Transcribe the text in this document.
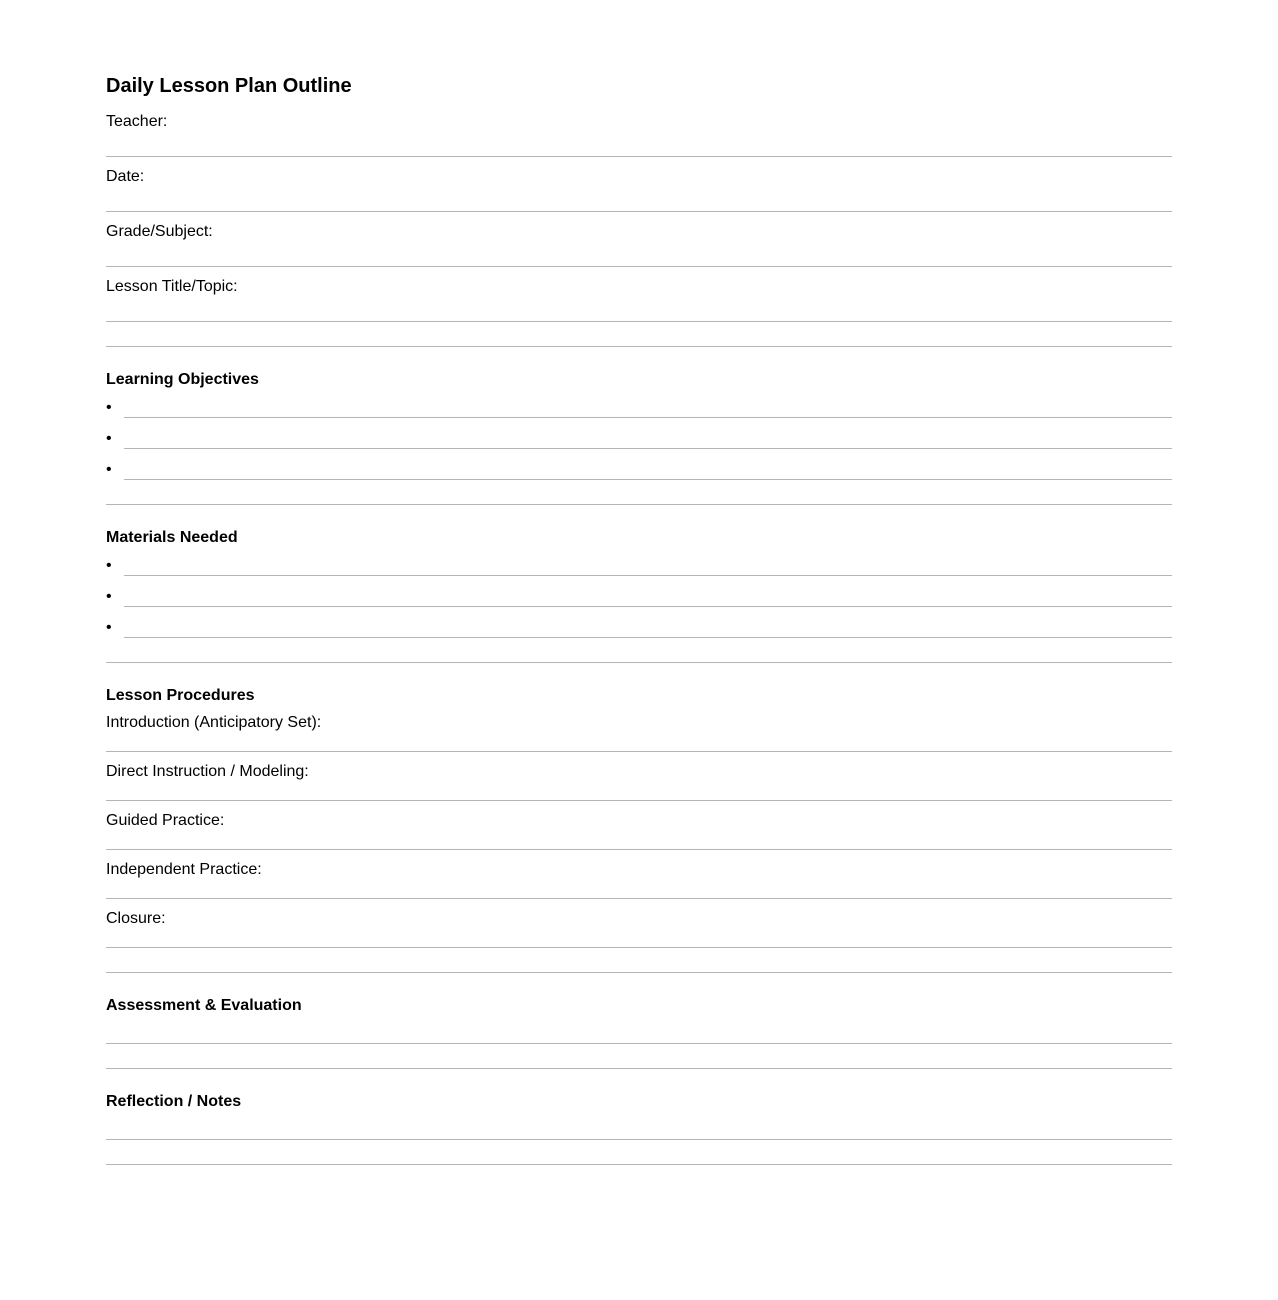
Daily Lesson Plan Outline
Teacher:
Date:
Grade/Subject:
Lesson Title/Topic:
Learning Objectives
•
•
•
Materials Needed
•
•
•
Lesson Procedures
Introduction (Anticipatory Set):
Direct Instruction / Modeling:
Guided Practice:
Independent Practice:
Closure:
Assessment & Evaluation
Reflection / Notes
